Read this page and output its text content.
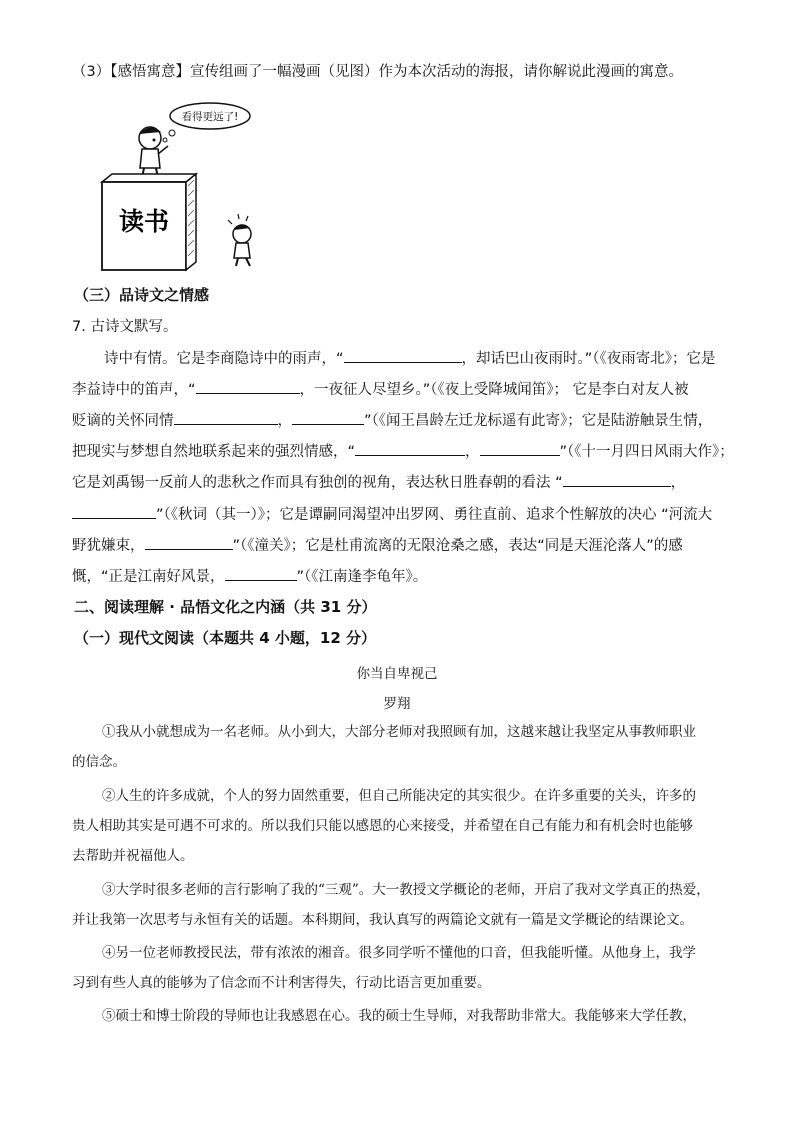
（3）【感悟寓意】宣传组画了一幅漫画（见图）作为本次活动的海报，请你解说此漫画的寓意。
看得更远了!
读书
（三）品诗文之情感
7. 古诗文默写。
诗中有情。它是李商隐诗中的雨声，“	，却话巴山夜雨时。”（《夜雨寄北》；它是
李益诗中的笛声，“	，一夜征人尽望乡。”（《夜上受降城闻笛》； 它是李白对友人被
贬谪的关怀同情	，	”（《闻王昌龄左迁龙标遥有此寄》；它是陆游触景生情，
把现实与梦想自然地联系起来的强烈情感，“	，	”（《十一月四日风雨大作》；
它是刘禹锡一反前人的悲秋之作而具有独创的视角，表达秋日胜春朝的看法 “	，
”（《秋词（其一）》；它是谭嗣同渴望冲出罗网、勇往直前、追求个性解放的决心 “河流大
野犹嫌束，	”（《潼关》；它是杜甫流离的无限沧桑之感，表达“同是天涯沦落人”的感
慨，“正是江南好风景，	”（《江南逢李龟年》。
二、阅读理解 · 品悟文化之内涵（共 31 分）
（一）现代文阅读（本题共 4 小题，12 分）
你当自卑视己
罗翔
①我从小就想成为一名老师。从小到大，大部分老师对我照顾有加，这越来越让我坚定从事教师职业
的信念。
②人生的许多成就，个人的努力固然重要，但自己所能决定的其实很少。在许多重要的关头，许多的
贵人相助其实是可遇不可求的。所以我们只能以感恩的心来接受，并希望在自己有能力和有机会时也能够
去帮助并祝福他人。
③大学时很多老师的言行影响了我的“三观”。大一教授文学概论的老师，开启了我对文学真正的热爱，
并让我第一次思考与永恒有关的话题。本科期间，我认真写的两篇论文就有一篇是文学概论的结课论文。
④另一位老师教授民法，带有浓浓的湘音。很多同学听不懂他的口音，但我能听懂。从他身上，我学
习到有些人真的能够为了信念而不计利害得失，行动比语言更加重要。
⑤硕士和博士阶段的导师也让我感恩在心。我的硕士生导师，对我帮助非常大。我能够来大学任教，
